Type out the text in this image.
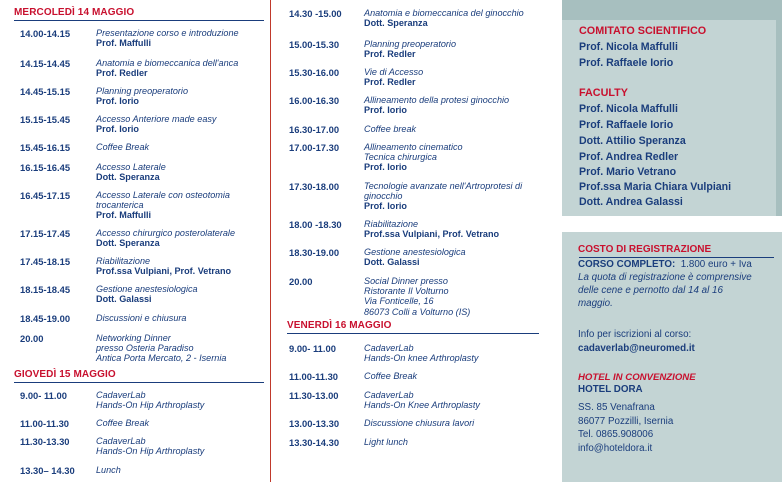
MERCOLEDÌ 14 MAGGIO
GIOVEDÌ 15 MAGGIO
14.00-14.15	Presentazione corso e introduzione
Prof. Maffulli
14.15-14.45	Anatomia e biomeccanica dell'anca
Prof. Redler
14.45-15.15	Planning preoperatorio
Prof. Iorio
15.15-15.45	Accesso Anteriore made easy
Prof. Iorio
15.45-16.15	Coffee Break
16.15-16.45	Accesso Laterale
Dott. Speranza
16.45-17.15	Accesso Laterale con osteotomia
trocanterica
Prof. Maffulli
17.15-17.45	Accesso chirurgico posterolaterale
Dott. Speranza
17.45-18.15	Riabilitazione
Prof.ssa Vulpiani, Prof. Vetrano
18.15-18.45	Gestione anestesiologica
Dott. Galassi
18.45-19.00	Discussioni e chiusura
20.00	Networking Dinner
presso Osteria Paradiso
Antica Porta Mercato, 2 - Isernia
9.00- 11.00	CadaverLab
Hands-On Hip Arthroplasty
11.00-11.30	Coffee Break
11.30-13.30	CadaverLab
Hands-On Hip Arthroplasty
13.30– 14.30 Lunch
VENERDÌ 16 MAGGIO
14.30 -15.00 Anatomia e biomeccanica del ginocchio
Dott. Speranza
15.00-15.30	Planning preoperatorio
Prof. Redler
15.30-16.00	Vie di Accesso
Prof. Redler
16.00-16.30	Allineamento della protesi ginocchio
Prof. Iorio
16.30-17.00	Coffee break
17.00-17.30	Allineamento cinematico
Tecnica chirurgica
Prof. Iorio
17.30-18.00	Tecnologie avanzate nell'Artroprotesi di
ginocchio
Prof. Iorio
18.00 -18.30 Riabilitazione
Prof.ssa Vulpiani, Prof. Vetrano
18.30-19.00	Gestione anestesiologica
Dott. Galassi
20.00	Social Dinner presso
Ristorante Il Volturno
Via Fonticelle, 16
86073 Colli a Volturno (IS)
9.00- 11.00	CadaverLab
Hands-On knee Arthroplasty
11.00-11.30	Coffee Break
11.30-13.00	CadaverLab
Hands-On Knee Arthroplasty
13.00-13.30	Discussione chiusura lavori
13.30-14.30	Light lunch
COMITATO SCIENTIFICO
Prof. Nicola Maffulli
Prof. Raffaele Iorio
FACULTY
Prof. Nicola Maffulli
Prof. Raffaele Iorio
Dott. Attilio Speranza
Prof. Andrea Redler
Prof. Mario Vetrano
Prof.ssa Maria Chiara Vulpiani
Dott. Andrea Galassi
COSTO DI REGISTRAZIONE
CORSO COMPLETO: 1.800 euro + Iva
La quota di registrazione è comprensive
delle cene e pernotto dal 14 al 16
maggio.
Info per iscrizioni al corso:
cadaverlab@neuromed.it
HOTEL IN CONVENZIONE
HOTEL DORA
SS. 85 Venafrana
86077 Pozzilli, Isernia
Tel. 0865.908006
info@hoteldora.it
